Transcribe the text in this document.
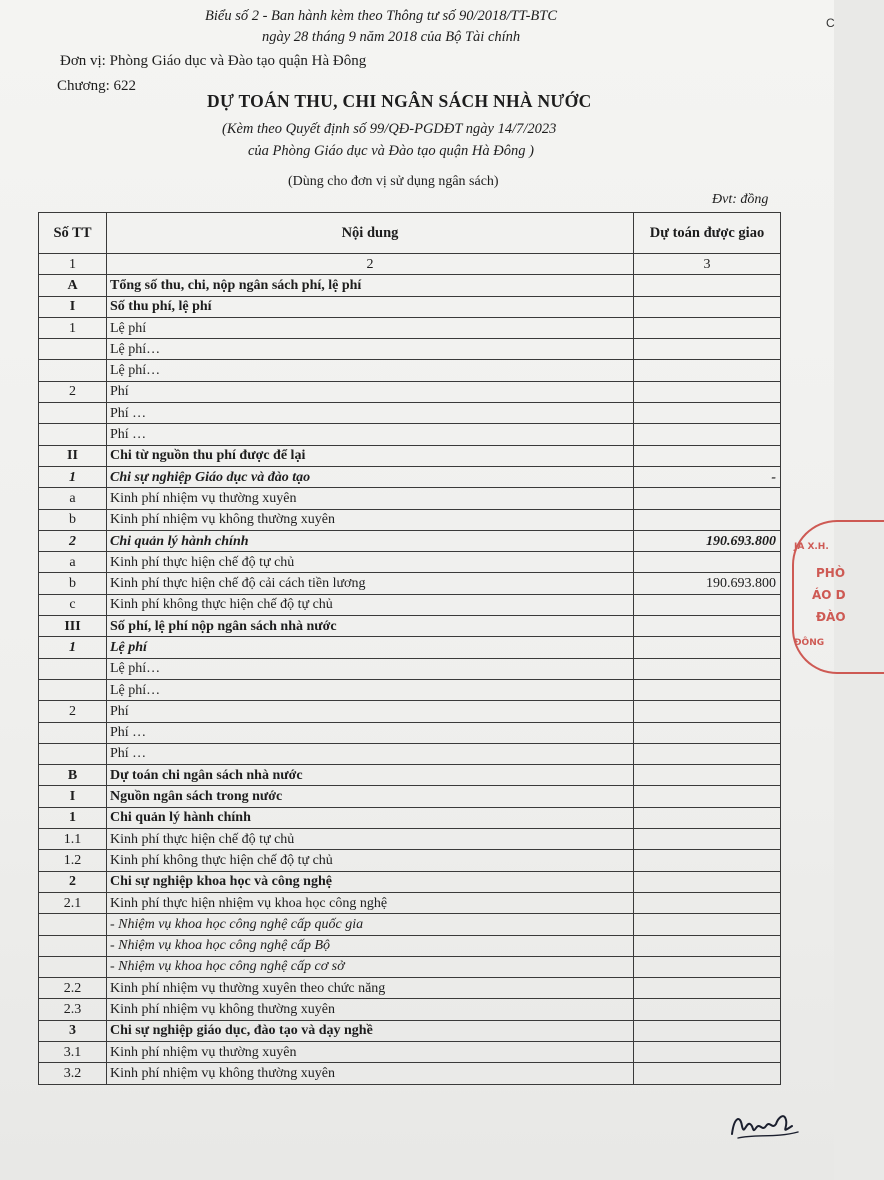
C
Biểu số 2 - Ban hành kèm theo Thông tư số 90/2018/TT-BTC
ngày 28 tháng 9 năm 2018 của Bộ Tài chính
Đơn vị: Phòng Giáo dục và Đào tạo quận Hà Đông
Chương: 622
DỰ TOÁN THU, CHI NGÂN SÁCH NHÀ NƯỚC
(Kèm theo Quyết định số 99/QĐ-PGDĐT ngày 14/7/2023
của Phòng Giáo dục và Đào tạo quận Hà Đông )
(Dùng cho đơn vị sử dụng ngân sách)
Đvt: đồng
Số TT	Nội dung	Dự toán được giao
1	2	3
A	Tổng số thu, chi, nộp ngân sách phí, lệ phí	
I	Số thu phí, lệ phí	
1	Lệ phí	
	Lệ phí…	
	Lệ phí…	
2	Phí	
	Phí …	
	Phí …	
II	Chi từ nguồn thu phí được để lại	
1	Chi sự nghiệp Giáo dục và đào tạo	-
a	Kinh phí nhiệm vụ thường xuyên	
b	Kinh phí nhiệm vụ không thường xuyên	
2	Chi quản lý hành chính	190.693.800
a	Kinh phí thực hiện chế độ tự chủ	
b	Kinh phí thực hiện chế độ cải cách tiền lương	190.693.800
c	Kinh phí không thực hiện chế độ tự chủ	
III	Số phí, lệ phí nộp ngân sách nhà nước	
1	Lệ phí	
	Lệ phí…	
	Lệ phí…	
2	Phí	
	Phí …	
	Phí …	
B	Dự toán chi ngân sách nhà nước	
I	Nguồn ngân sách trong nước	
1	Chi quản lý hành chính	
1.1	Kinh phí thực hiện chế độ tự chủ	
1.2	Kinh phí không thực hiện chế độ tự chủ	
2	Chi sự nghiệp khoa học và công nghệ	
2.1	Kinh phí thực hiện nhiệm vụ khoa học công nghệ	
	- Nhiệm vụ khoa học công nghệ cấp quốc gia	
	- Nhiệm vụ khoa học công nghệ cấp Bộ	
	- Nhiệm vụ khoa học công nghệ cấp cơ sở	
2.2	Kinh phí nhiệm vụ thường xuyên theo chức năng	
2.3	Kinh phí nhiệm vụ không thường xuyên	
3	Chi sự nghiệp giáo dục, đào tạo và dạy nghề	
3.1	Kinh phí nhiệm vụ thường xuyên	
3.2	Kinh phí nhiệm vụ không thường xuyên	
JA X.H.
PHÒ
ÁO D
ĐÀO
ĐÔNG
